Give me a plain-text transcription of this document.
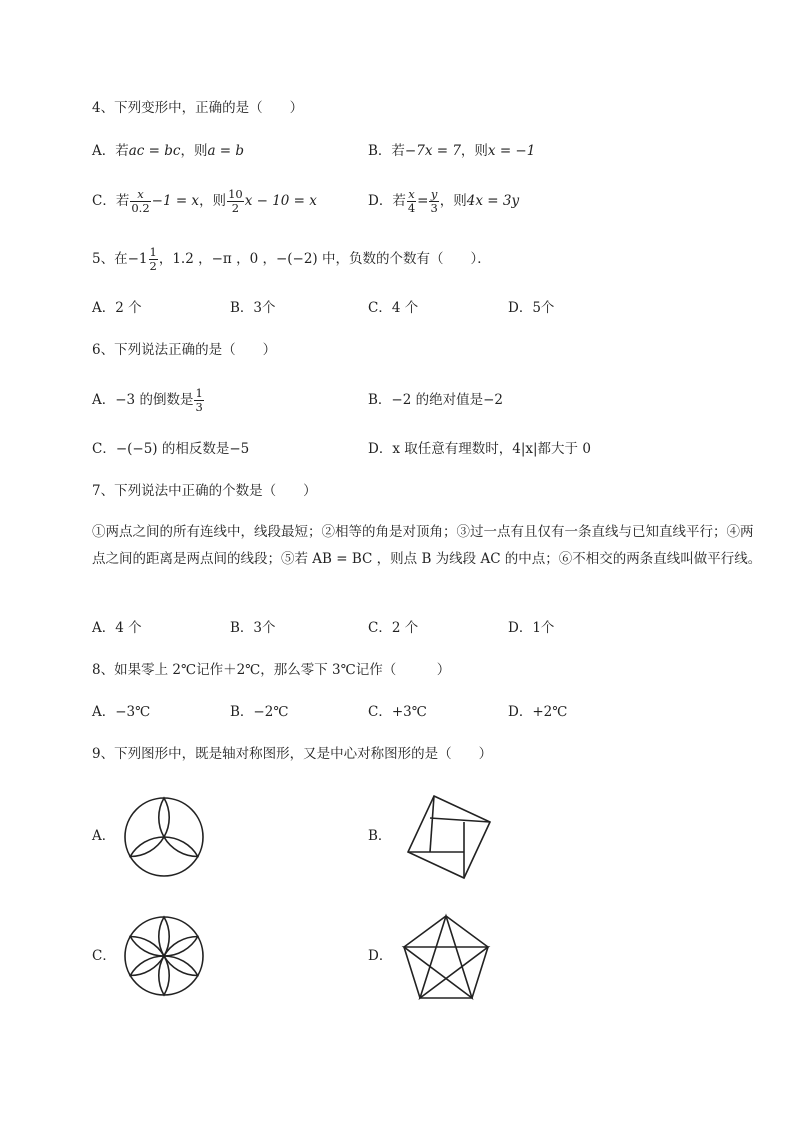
4、下列变形中，正确的是（　　）
A．若ac = bc，则a = b	B．若−7x = 7，则x = −1
C．若 $\frac{x}{0.2} -1 = x$，则 $\frac{10}{2}$ x − 10 = x	D．若 $\frac{x}{4} = \frac{y}{3}$ ，则4x = 3y
5、在$-1 \frac{1}{2}$ ，1.2 ，−π ，0 ，−(−2) 中，负数的个数有（　　）．
A．2 个	B．3个	C．4 个	D．5个
6、下列说法正确的是（　　）
A．−3 的倒数是 $\frac{1}{3}$	B．−2 的绝对值是−2
C．−(−5) 的相反数是−5	D．x 取任意有理数时，4|x|都大于 0
7、下列说法中正确的个数是（　　）
①两点之间的所有连线中，线段最短；②相等的角是对顶角；③过一点有且仅有一条直线与已知直线平行；④两点之间的距离是两点间的线段；⑤若 AB = BC ，则点 B 为线段 AC 的中点；⑥不相交的两条直线叫做平行线。
A．4 个	B．3个	C．2 个	D．1个
8、如果零上 2℃记作＋2℃，那么零下 3℃记作（　　　）
A．−3℃	B．−2℃	C．+3℃	D．+2℃
9、下列图形中，既是轴对称图形，又是中心对称图形的是（　　）
A．	B．
C．	D．
